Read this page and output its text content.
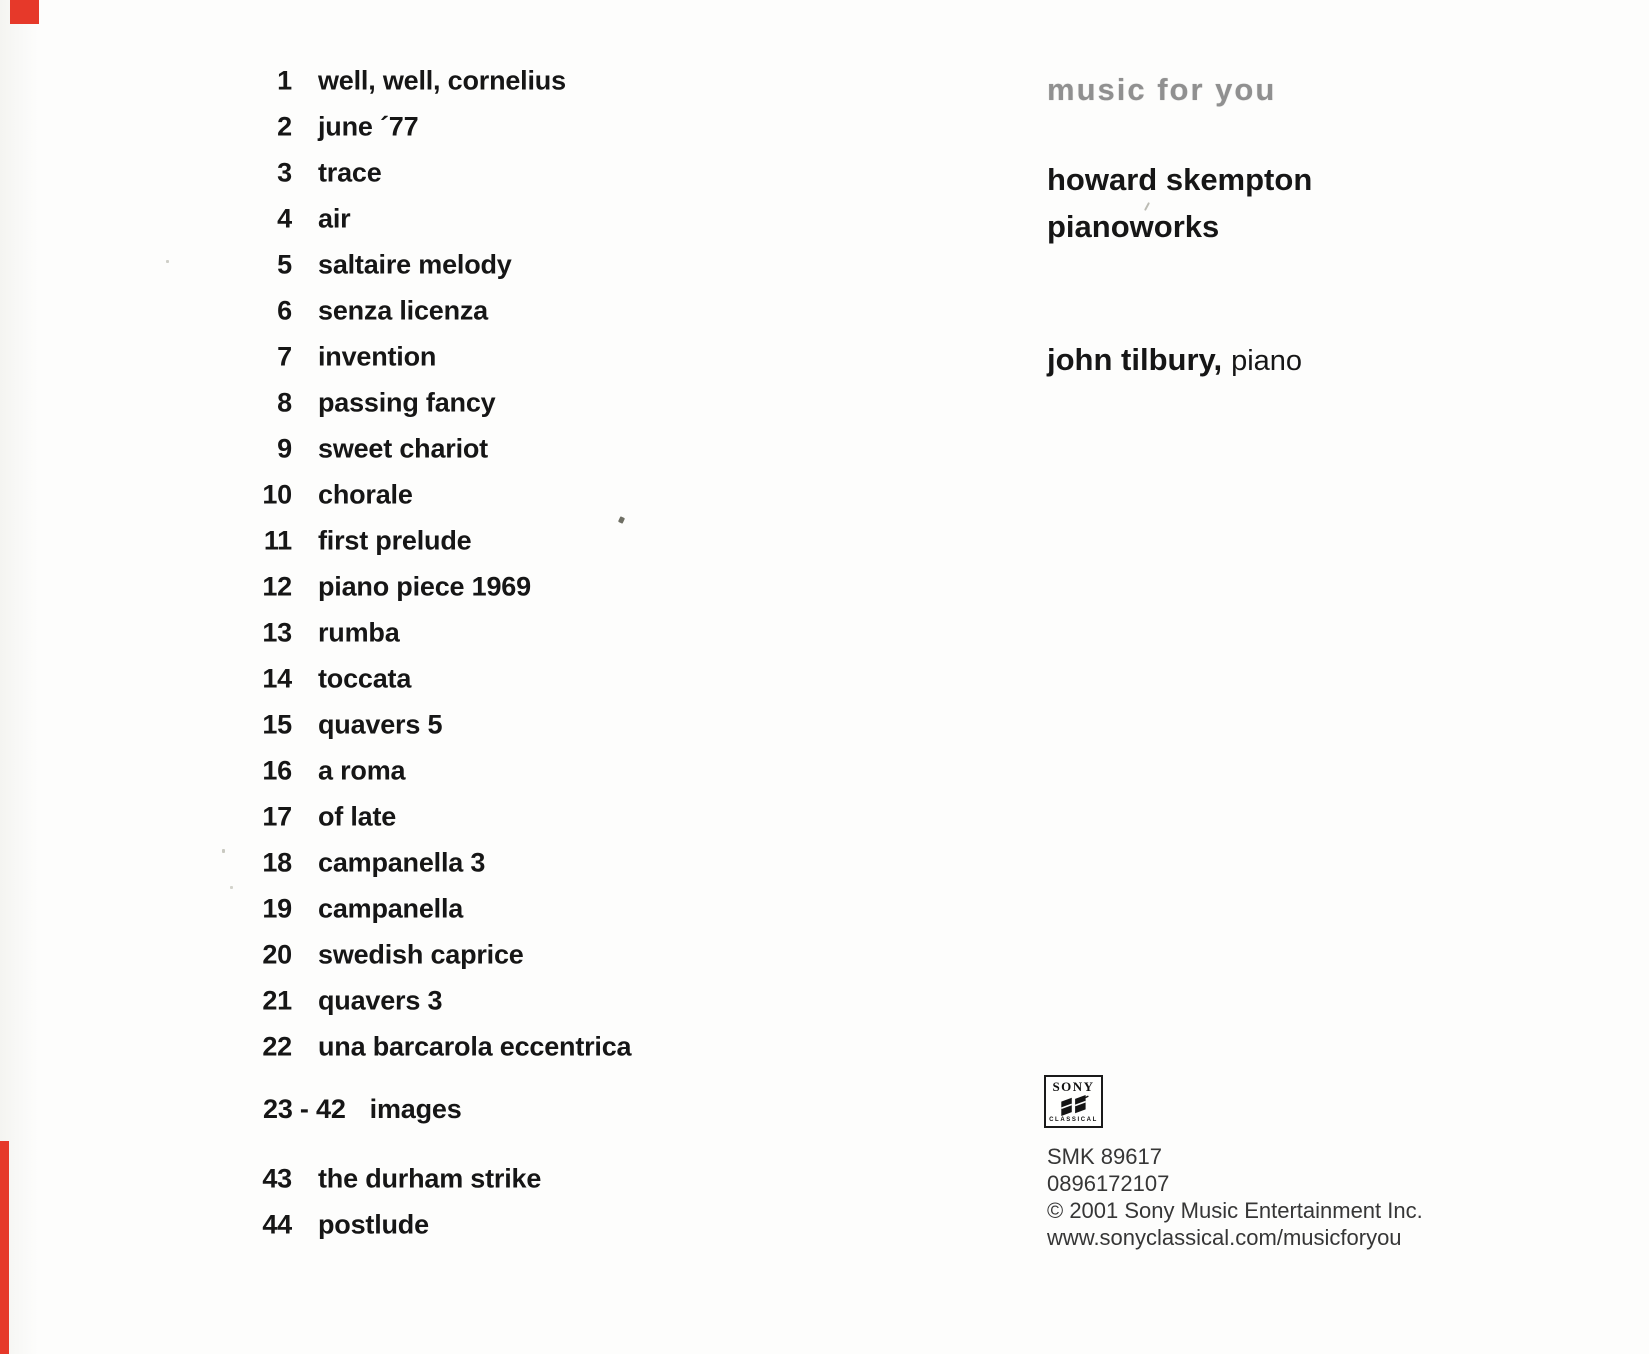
1 well, well, cornelius
2 june ´77
3 trace
4 air
5 saltaire melody
6 senza licenza
7 invention
8 passing fancy
9 sweet chariot
10 chorale
11 first prelude
12 piano piece 1969
13 rumba
14 toccata
15 quavers 5
16 a roma
17 of late
18 campanella 3
19 campanella
20 swedish caprice
21 quavers 3
22 una barcarola eccentrica
23 - 42 images
43 the durham strike
44 postlude
music for you
howard skempton
pianoworks
john tilbury, piano
SONY
CLASSICAL
SMK 89617
0896172107
© 2001 Sony Music Entertainment Inc.
www.sonyclassical.com/musicforyou
